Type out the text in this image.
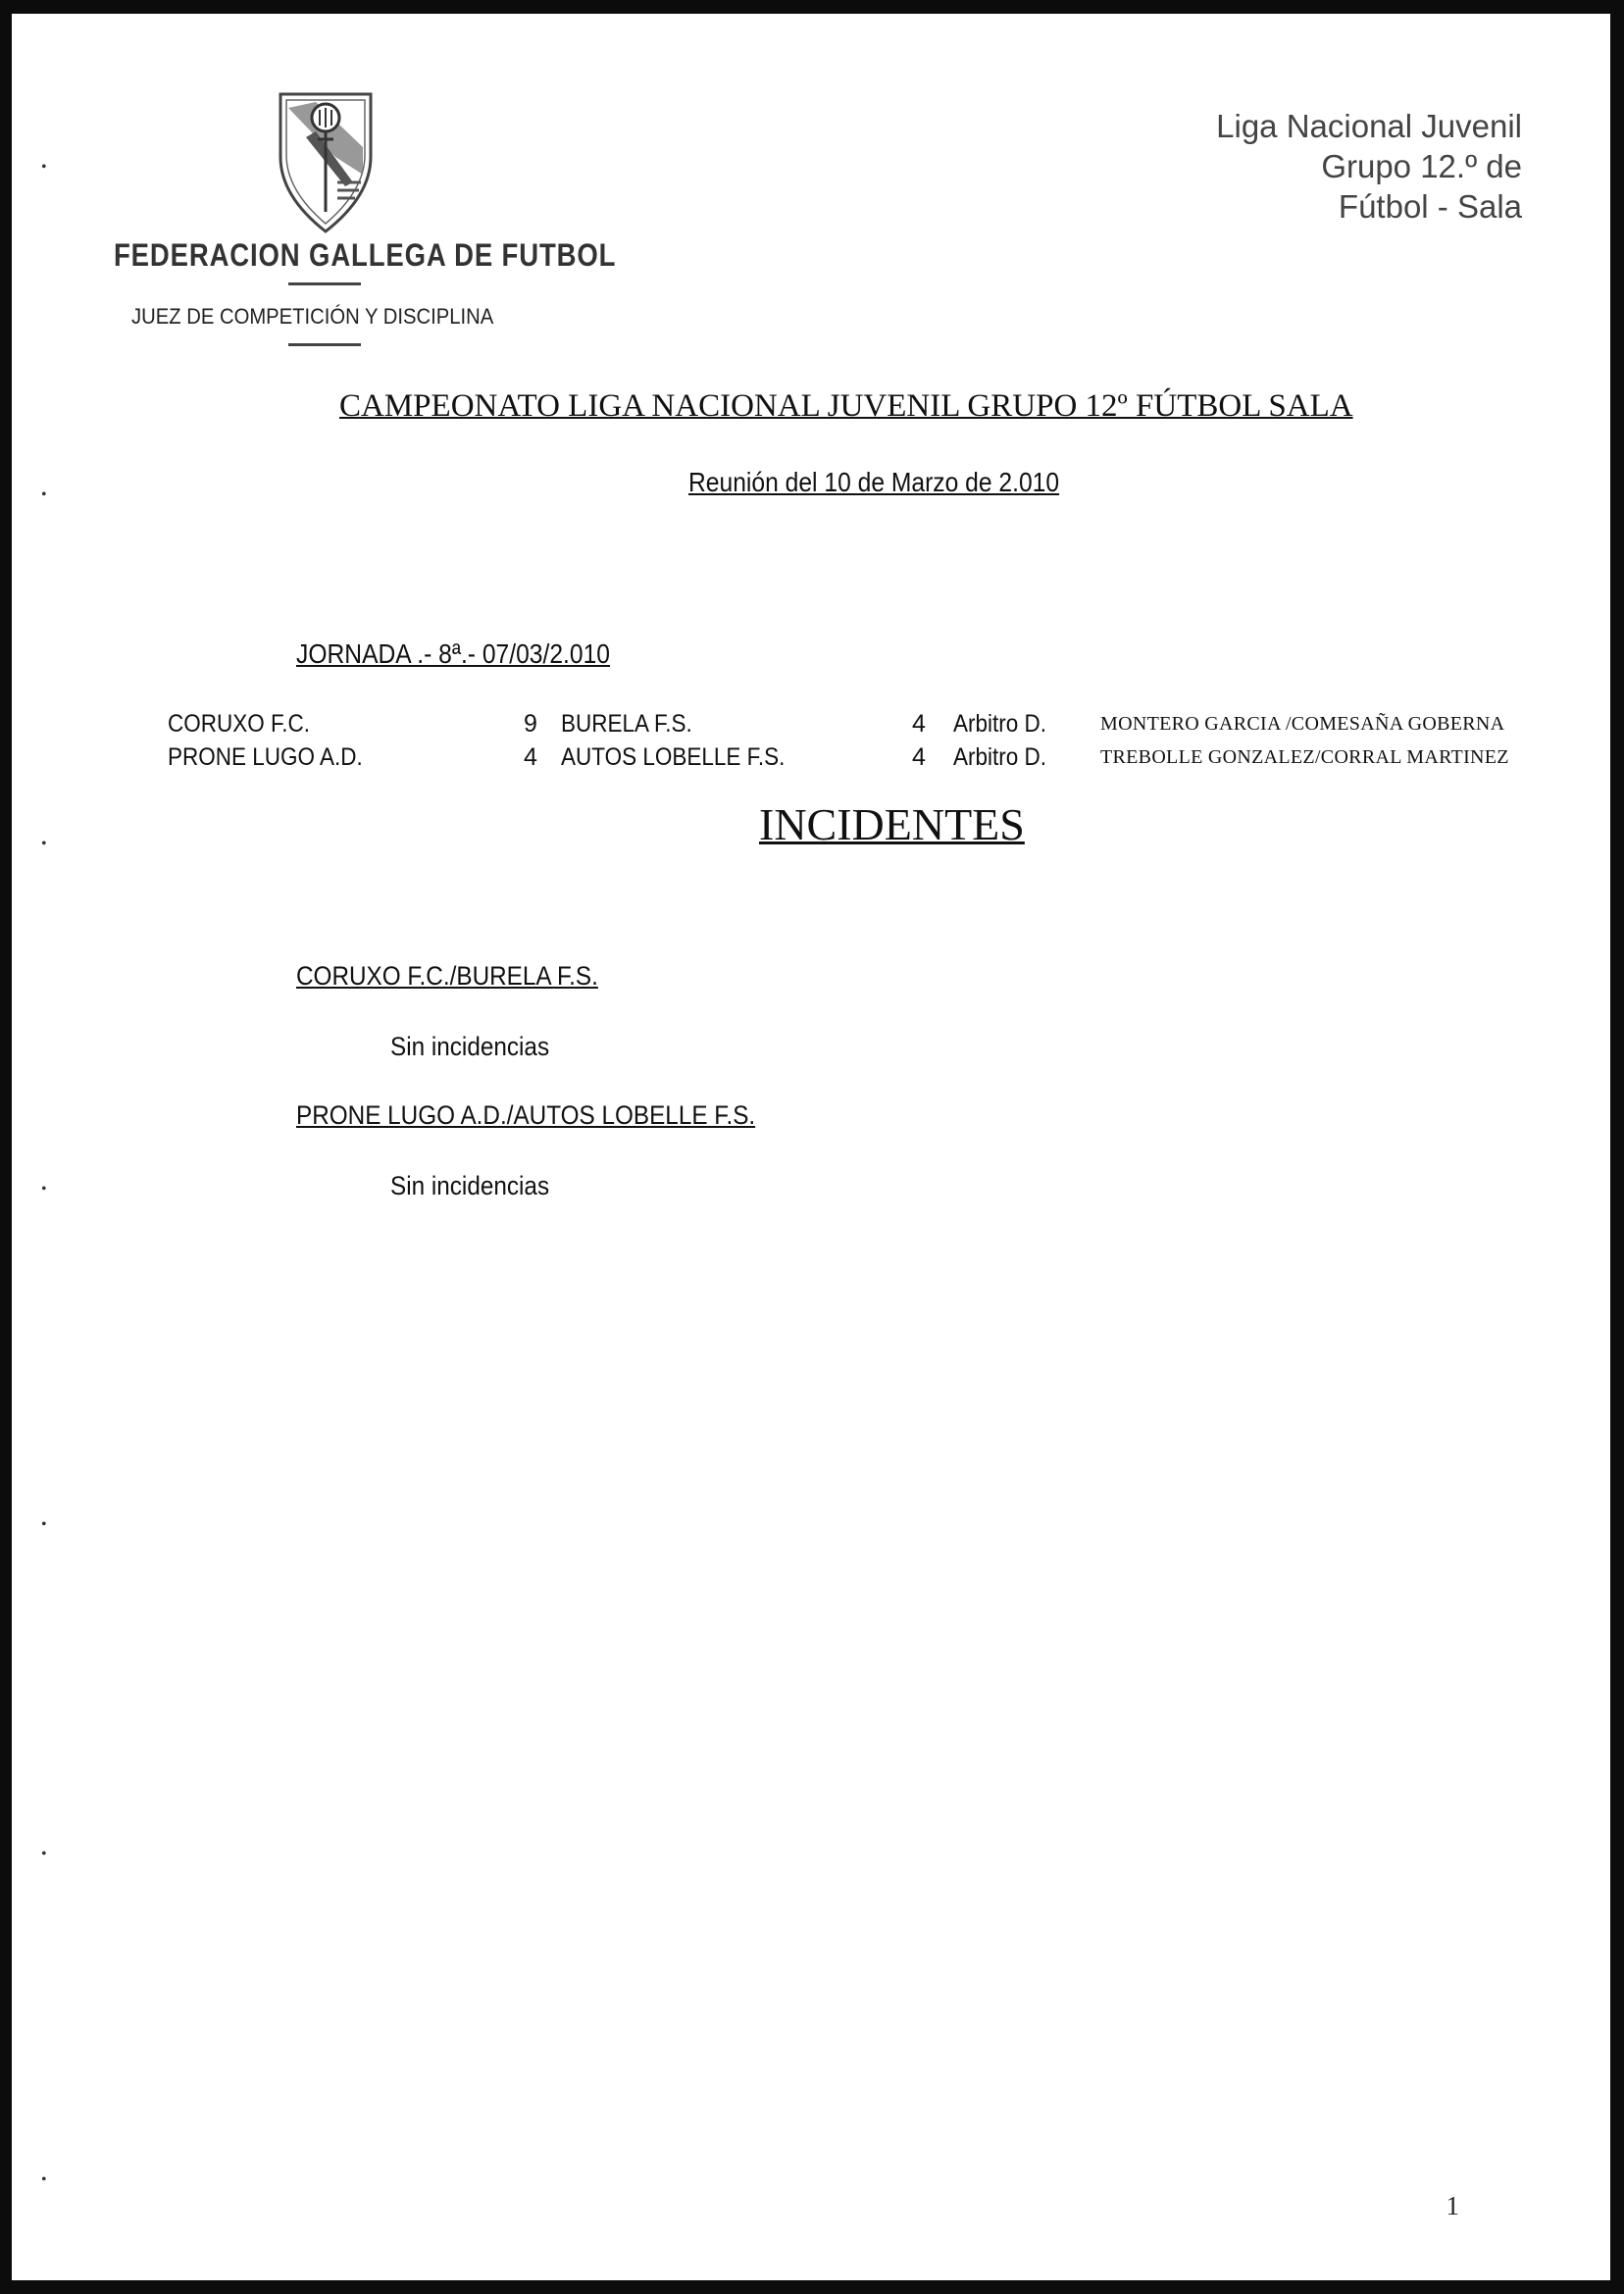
•
•
•
•
•
•
•
FEDERACION GALLEGA DE FUTBOL
JUEZ DE COMPETICIÓN Y DISCIPLINA
Liga Nacional Juvenil
Grupo 12.º de
Fútbol - Sala
CAMPEONATO LIGA NACIONAL JUVENIL GRUPO 12º FÚTBOL SALA
Reunión del 10 de Marzo de 2.010
JORNADA .- 8ª.- 07/03/2.010
CORUXO F.C.	9 BURELA F.S.	4 Arbitro D.	MONTERO GARCIA /COMESAÑA GOBERNA
PRONE LUGO A.D.	4 AUTOS LOBELLE F.S.	4 Arbitro D.	TREBOLLE GONZALEZ/CORRAL MARTINEZ
INCIDENTES
CORUXO F.C./BURELA F.S.
Sin incidencias
PRONE LUGO A.D./AUTOS LOBELLE F.S.
Sin incidencias
1
